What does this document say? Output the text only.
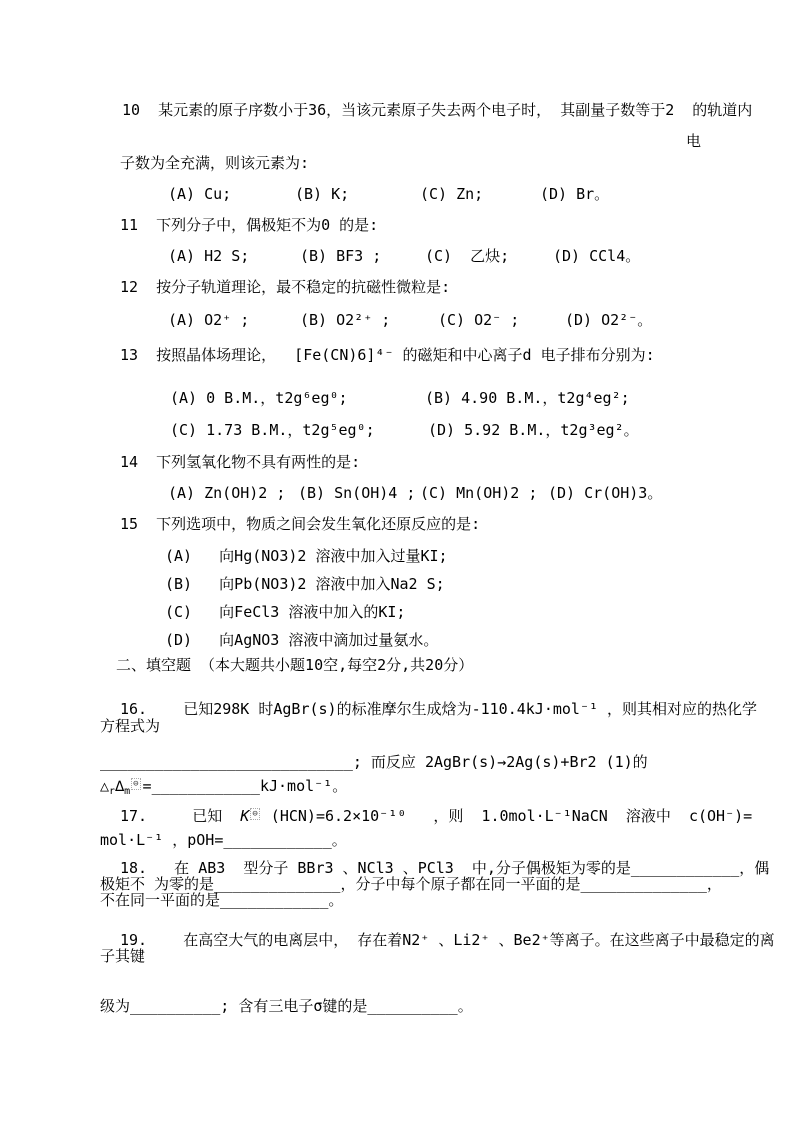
10  某元素的原子序数小于36，当该元素原子失去两个电子时， 其副量子数等于2  的轨道内
电
子数为全充满，则该元素为:
(A) Cu;	(B) K;	(C) Zn;	(D) Br。
11  下列分子中，偶极矩不为0 的是:
(A) H2 S;	(B) BF3 ;	(C)  乙炔;	(D) CCl4。
12  按分子轨道理论，最不稳定的抗磁性微粒是:
(A) O2⁺ ;	(B) O2²⁺ ;	(C) O2⁻ ;	(D) O2²⁻。
13  按照晶体场理论，  [Fe(CN)6]⁴⁻ 的磁矩和中心离子d 电子排布分别为:
(A) 0 B.M.，t2g⁶eg⁰;	(B) 4.90 B.M.，t2g⁴eg²;
(C) 1.73 B.M.，t2g⁵eg⁰;	(D) 5.92 B.M.，t2g³eg²。
14  下列氢氧化物不具有两性的是:
(A) Zn(OH)2 ; (B) Sn(OH)4 ; (C) Mn(OH)2 ; (D) Cr(OH)3。
15  下列选项中，物质之间会发生氧化还原反应的是:
(A)   向Hg(NO3)2 溶液中加入过量KI;
(B)   向Pb(NO3)2 溶液中加入Na2 S;
(C)   向FeCl3 溶液中加入的KI;
(D)   向AgNO3 溶液中滴加过量氨水。
二、填空题 （本大题共小题10空,每空2分,共20分）
16.    已知298K 时AgBr(s)的标准摩尔生成焓为-110.4kJ·mol⁻¹ ，则其相对应的热化学
方程式为
____________________________; 而反应 2AgBr(s)→2Ag(s)+Br2 (1)的
$\triangle_r\Delta_m⊖$ =____________kJ·mol⁻¹。
17.     已知  K ⊖ (HCN)=6.2×10⁻¹⁰   ，则  1.0mol·L⁻¹NaCN  溶液中  c(OH⁻)=
mol·L⁻¹ ，pOH=____________。
18.   在 AB3  型分子 BBr3 、NCl3 、PCl3  中,分子偶极矩为零的是____________，偶
极矩不 为零的是______________，分子中每个原子都在同一平面的是______________，
不在同一平面的是____________。
19.    在高空大气的电离层中， 存在着N2⁺ 、Li2⁺ 、Be2⁺等离子。在这些离子中最稳定的离
子其键
级为__________; 含有三电子σ键的是__________。
